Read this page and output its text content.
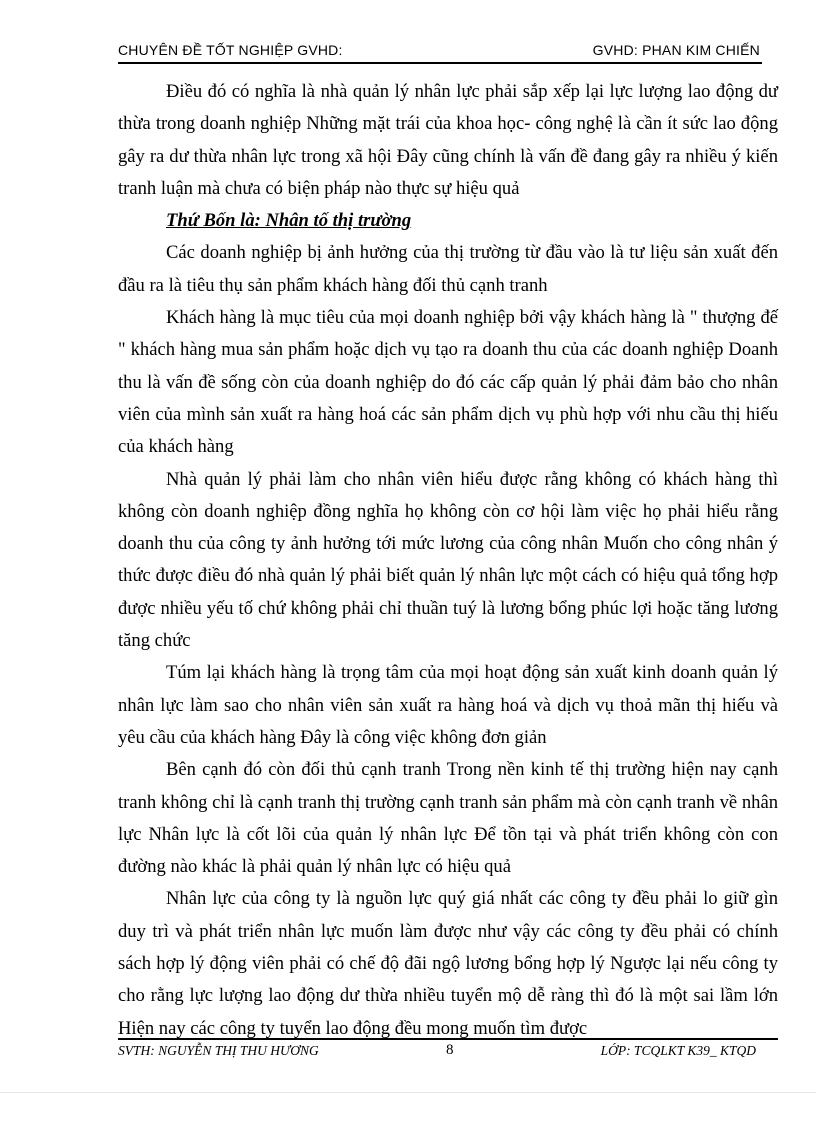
CHUYÊN ĐỀ TỐT NGHIỆP GVHD:	GVHD: PHAN KIM CHIẾN

Điều đó có nghĩa là nhà quản lý nhân lực phải sắp xếp lại lực lượng lao động dư thừa trong doanh nghiệp Những mặt trái của khoa học- công nghệ là cần ít sức lao động gây ra dư thừa nhân lực trong xã hội Đây cũng chính là vấn đề đang gây ra nhiều ý kiến tranh luận mà chưa có biện pháp nào thực sự hiệu quả

Thứ Bốn là: Nhân tố thị trường

Các doanh nghiệp bị ảnh hưởng của thị trường từ đầu vào là tư liệu sản xuất đến đầu ra là tiêu thụ sản phẩm khách hàng đối thủ cạnh tranh

Khách hàng là mục tiêu của mọi doanh nghiệp bởi vậy khách hàng là " thượng đế " khách hàng mua sản phẩm hoặc dịch vụ tạo ra doanh thu của các doanh nghiệp Doanh thu là vấn đề sống còn của doanh nghiệp do đó các cấp quản lý phải đảm bảo cho nhân viên của mình sản xuất ra hàng hoá các sản phẩm dịch vụ phù hợp với nhu cầu thị hiếu của khách hàng

Nhà quản lý phải làm cho nhân viên hiểu được rằng không có khách hàng thì không còn doanh nghiệp đồng nghĩa họ không còn cơ hội làm việc họ phải hiểu rằng doanh thu của công ty ảnh hưởng tới mức lương của công nhân Muốn cho công nhân ý thức được điều đó nhà quản lý phải biết quản lý nhân lực một cách có hiệu quả tổng hợp được nhiều yếu tố chứ không phải chỉ thuần tuý là lương bổng phúc lợi hoặc tăng lương tăng chức

Túm lại khách hàng là trọng tâm của mọi hoạt động sản xuất kinh doanh quản lý nhân lực làm sao cho nhân viên sản xuất ra hàng hoá và dịch vụ thoả mãn thị hiếu và yêu cầu của khách hàng Đây là công việc không đơn giản

Bên cạnh đó còn đối thủ cạnh tranh Trong nền kinh tế thị trường hiện nay cạnh tranh không chỉ là cạnh tranh thị trường cạnh tranh sản phẩm mà còn cạnh tranh về nhân lực Nhân lực là cốt lõi của quản lý nhân lực Để tồn tại và phát triển không còn con đường nào khác là phải quản lý nhân lực có hiệu quả

Nhân lực của công ty là nguồn lực quý giá nhất các công ty đều phải lo giữ gìn duy trì và phát triển nhân lực muốn làm được như vậy các công ty đều phải có chính sách hợp lý động viên phải có chế độ đãi ngộ lương bổng hợp lý Ngược lại nếu công ty cho rằng lực lượng lao động dư thừa nhiều tuyển mộ dễ ràng thì đó là một sai lầm lớn Hiện nay các công ty tuyển lao động đều mong muốn tìm được

SVTH: NGUYỄN THỊ THU HƯƠNG	8	LỚP: TCQLKT K39_ KTQD
